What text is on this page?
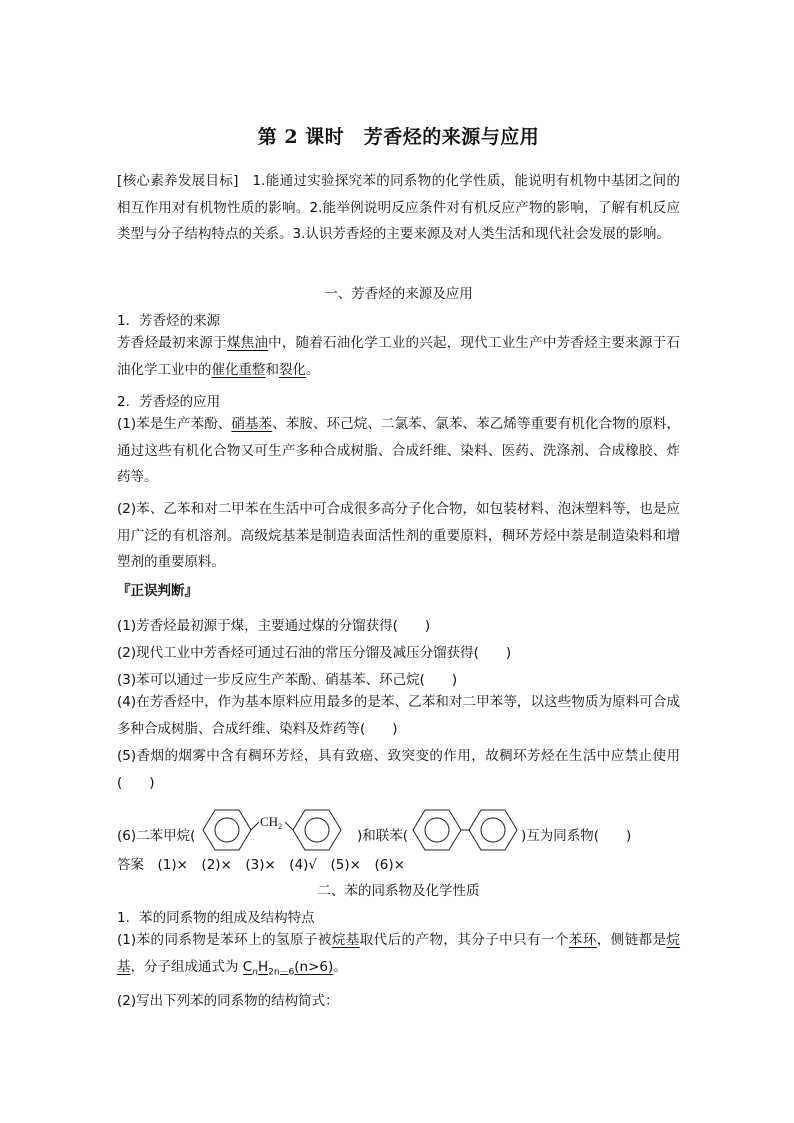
第 2 课时　芳香烃的来源与应用
[核心素养发展目标]　 1.能通过实验探究苯的同系物的化学性质，能说明有机物中基团之间的相互作用对有机物性质的影响。2.能举例说明反应条件对有机反应产物的影响，了解有机反应类型与分子结构特点的关系。3.认识芳香烃的主要来源及对人类生活和现代社会发展的影响。
一、芳香烃的来源及应用
1．芳香烃的来源
芳香烃最初来源于煤焦油中，随着石油化学工业的兴起，现代工业生产中芳香烃主要来源于石油化学工业中的催化重整和裂化。
2．芳香烃的应用
(1)苯是生产苯酚、硝基苯、苯胺、环己烷、二氯苯、氯苯、苯乙烯等重要有机化合物的原料，通过这些有机化合物又可生产多种合成树脂、合成纤维、染料、医药、洗涤剂、合成橡胶、炸药等。
(2)苯、乙苯和对二甲苯在生活中可合成很多高分子化合物，如包装材料、泡沫塑料等，也是应用广泛的有机溶剂。高级烷基苯是制造表面活性剂的重要原料，稠环芳烃中萘是制造染料和增塑剂的重要原料。
『正误判断』
(1)芳香烃最初源于煤，主要通过煤的分馏获得(　　)
(2)现代工业中芳香烃可通过石油的常压分馏及减压分馏获得(　　)
(3)苯可以通过一步反应生产苯酚、硝基苯、环己烷(　　)
(4)在芳香烃中，作为基本原料应用最多的是苯、乙苯和对二甲苯等，以这些物质为原料可合成多种合成树脂、合成纤维、染料及炸药等(　　)
(5)香烟的烟雾中含有稠环芳烃，具有致癌、致突变的作用，故稠环芳烃在生活中应禁止使用(　　)
(6)二苯甲烷(
$CH_2$
)和联苯(	)互为同系物(　　)
答案　(1)×　(2)×　(3)×　(4)√　(5)×　(6)×
二、苯的同系物及化学性质
1．苯的同系物的组成及结构特点
(1)苯的同系物是苯环上的氢原子被烷基取代后的产物，其分子中只有一个苯环，侧链都是烷基，分子组成通式为 $C_nH_{2n-6}(n>6)$。
(2)写出下列苯的同系物的结构简式：
